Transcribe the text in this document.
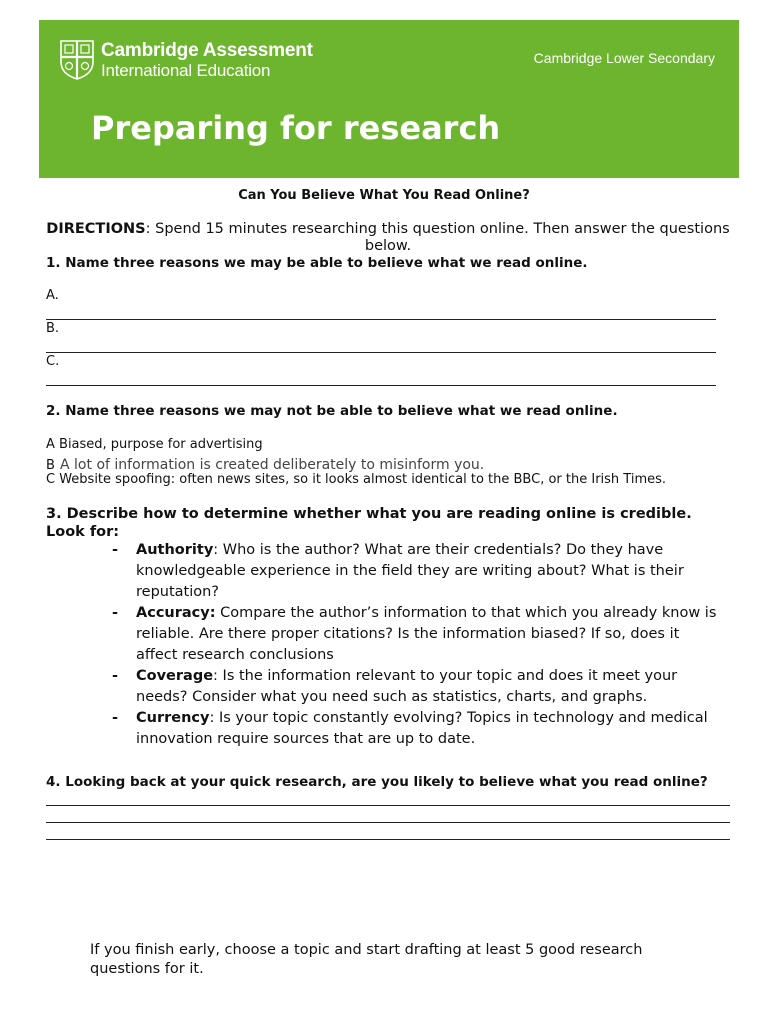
Cambridge Assessment
International Education
Cambridge Lower Secondary
Preparing for research
Can You Believe What You Read Online?
DIRECTIONS: Spend 15 minutes researching this question online. Then answer the questions
below.
1. Name three reasons we may be able to believe what we read online.
A.
B.
C.
2. Name three reasons we may not be able to believe what we read online.
A Biased, purpose for advertising
B A lot of information is created deliberately to misinform you.
C Website spoofing: often news sites, so it looks almost identical to the BBC, or the Irish Times.
3. Describe how to determine whether what you are reading online is credible.
Look for:
- Authority: Who is the author? What are their credentials? Do they have knowledgeable experience in the field they are writing about? What is their reputation?
- Accuracy: Compare the author’s information to that which you already know is reliable. Are there proper citations? Is the information biased? If so, does it affect research conclusions
- Coverage: Is the information relevant to your topic and does it meet your needs? Consider what you need such as statistics, charts, and graphs.
- Currency: Is your topic constantly evolving? Topics in technology and medical innovation require sources that are up to date.
4. Looking back at your quick research, are you likely to believe what you read online?
If you finish early, choose a topic and start drafting at least 5 good research
questions for it.
